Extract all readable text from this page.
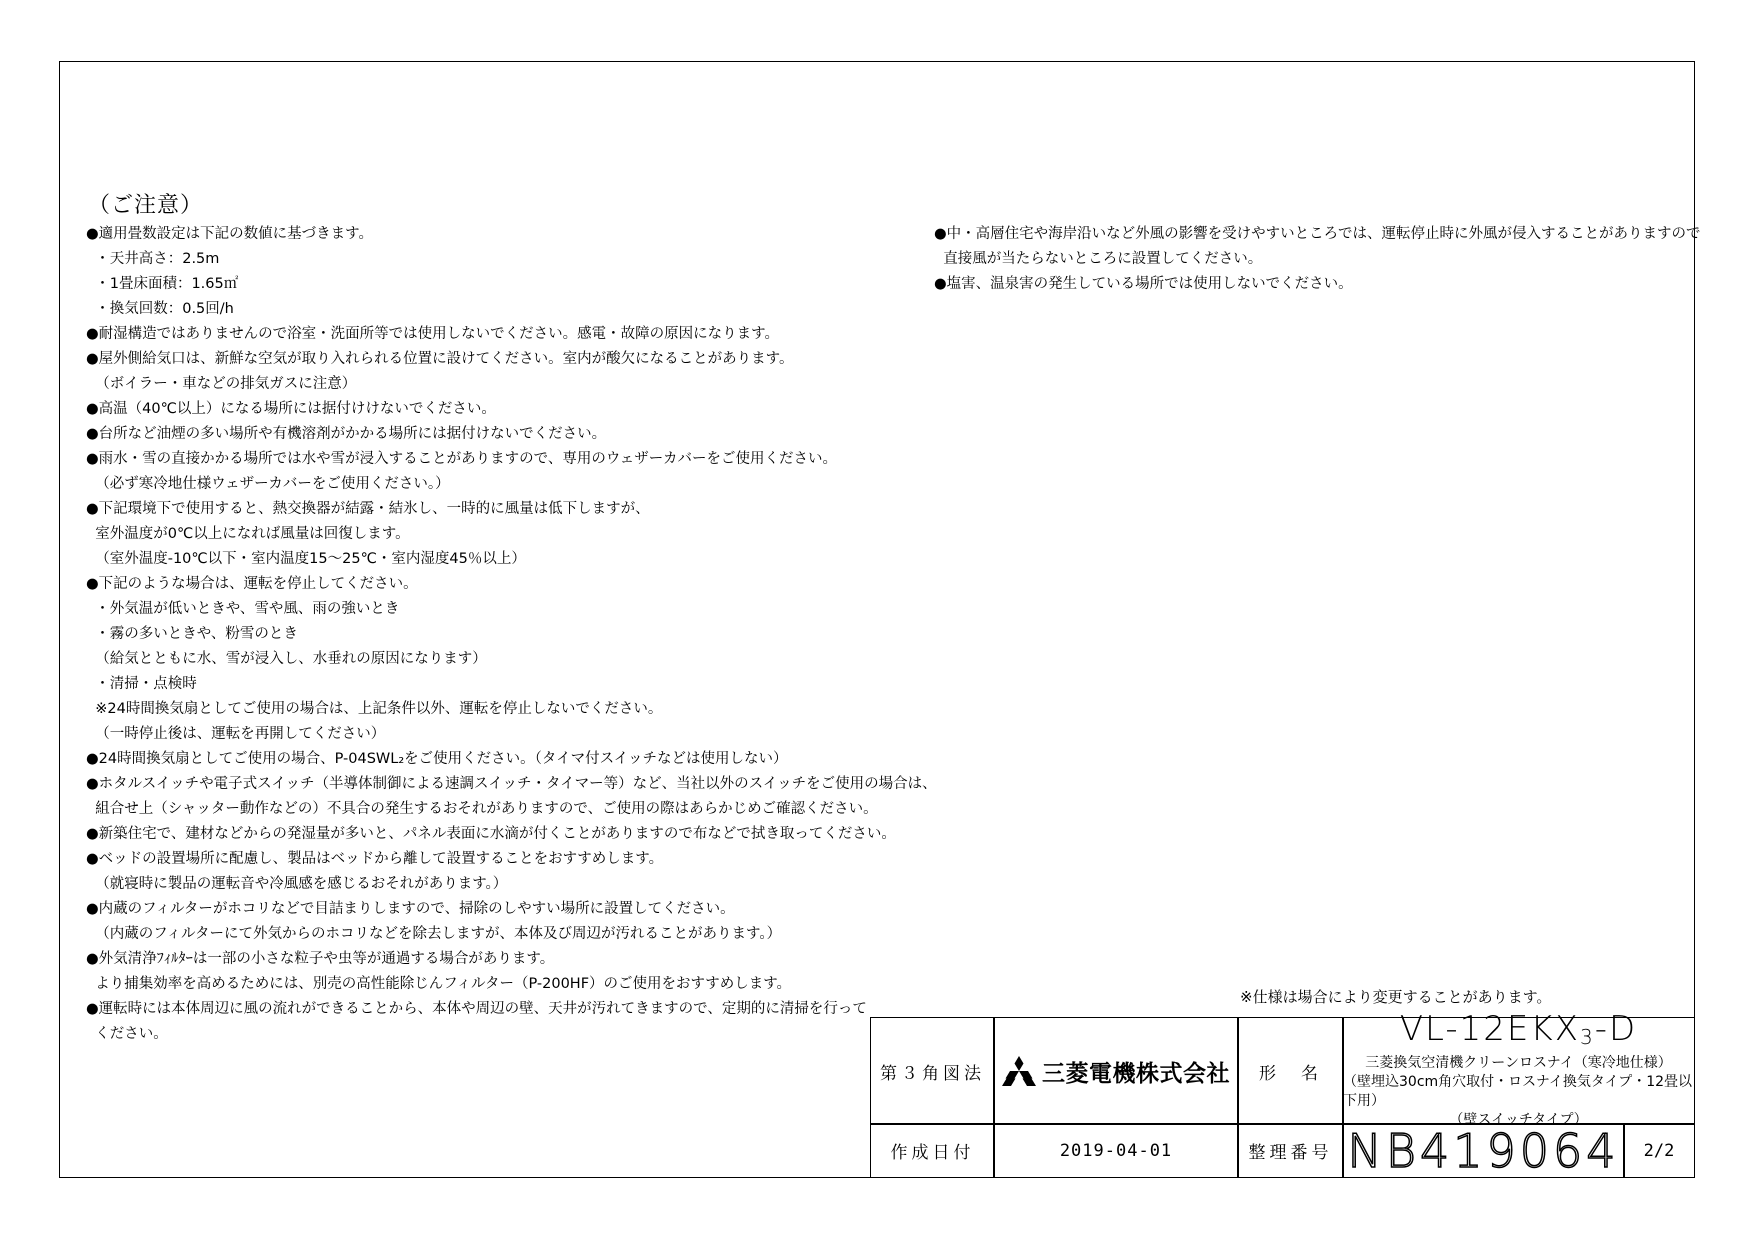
（ご注意）
●適用畳数設定は下記の数値に基づきます。
・天井高さ：2.5m
・1畳床面積：1.65㎡
・換気回数：0.5回/h
●耐湿構造ではありませんので浴室・洗面所等では使用しないでください。感電・故障の原因になります。
●屋外側給気口は、新鮮な空気が取り入れられる位置に設けてください。室内が酸欠になることがあります。
（ボイラー・車などの排気ガスに注意）
●高温（40℃以上）になる場所には据付けけないでください。
●台所など油煙の多い場所や有機溶剤がかかる場所には据付けないでください。
●雨水・雪の直接かかる場所では水や雪が浸入することがありますので、専用のウェザーカバーをご使用ください。
（必ず寒冷地仕様ウェザーカバーをご使用ください。）
●下記環境下で使用すると、熱交換器が結露・結氷し、一時的に風量は低下しますが、
室外温度が0℃以上になれば風量は回復します。
（室外温度-10℃以下・室内温度15～25℃・室内湿度45％以上）
●下記のような場合は、運転を停止してください。
・外気温が低いときや、雪や風、雨の強いとき
・霧の多いときや、粉雪のとき
（給気とともに水、雪が浸入し、水垂れの原因になります）
・清掃・点検時
※24時間換気扇としてご使用の場合は、上記条件以外、運転を停止しないでください。
（一時停止後は、運転を再開してください）
●24時間換気扇としてご使用の場合、P-04SWL₂をご使用ください。（タイマ付スイッチなどは使用しない）
●ホタルスイッチや電子式スイッチ（半導体制御による速調スイッチ・タイマー等）など、当社以外のスイッチをご使用の場合は、
組合せ上（シャッター動作などの）不具合の発生するおそれがありますので、ご使用の際はあらかじめご確認ください。
●新築住宅で、建材などからの発湿量が多いと、パネル表面に水滴が付くことがありますので布などで拭き取ってください。
●ベッドの設置場所に配慮し、製品はベッドから離して設置することをおすすめします。
（就寝時に製品の運転音や冷風感を感じるおそれがあります。）
●内蔵のフィルターがホコリなどで目詰まりしますので、掃除のしやすい場所に設置してください。
（内蔵のフィルターにて外気からのホコリなどを除去しますが、本体及び周辺が汚れることがあります。）
●外気清浄ﾌｨﾙﾀｰは一部の小さな粒子や虫等が通過する場合があります。
より捕集効率を高めるためには、別売の高性能除じんフィルター（P-200HF）のご使用をおすすめします。
●運転時には本体周辺に風の流れができることから、本体や周辺の壁、天井が汚れてきますので、定期的に清掃を行って
ください。
●中・高層住宅や海岸沿いなど外風の影響を受けやすいところでは、運転停止時に外風が侵入することがありますので
直接風が当たらないところに設置してください。
●塩害、温泉害の発生している場所では使用しないでください。
※仕様は場合により変更することがあります。
第３角図法	三菱電機株式会社	形　名
$VL-12EKX_3-D$
三菱換気空清機クリーンロスナイ（寒冷地仕様）
（壁埋込30cm角穴取付・ロスナイ換気タイプ・12畳以下用）
（壁スイッチタイプ）
作成日付	2019-04-01	整理番号 NB419064	2/2
